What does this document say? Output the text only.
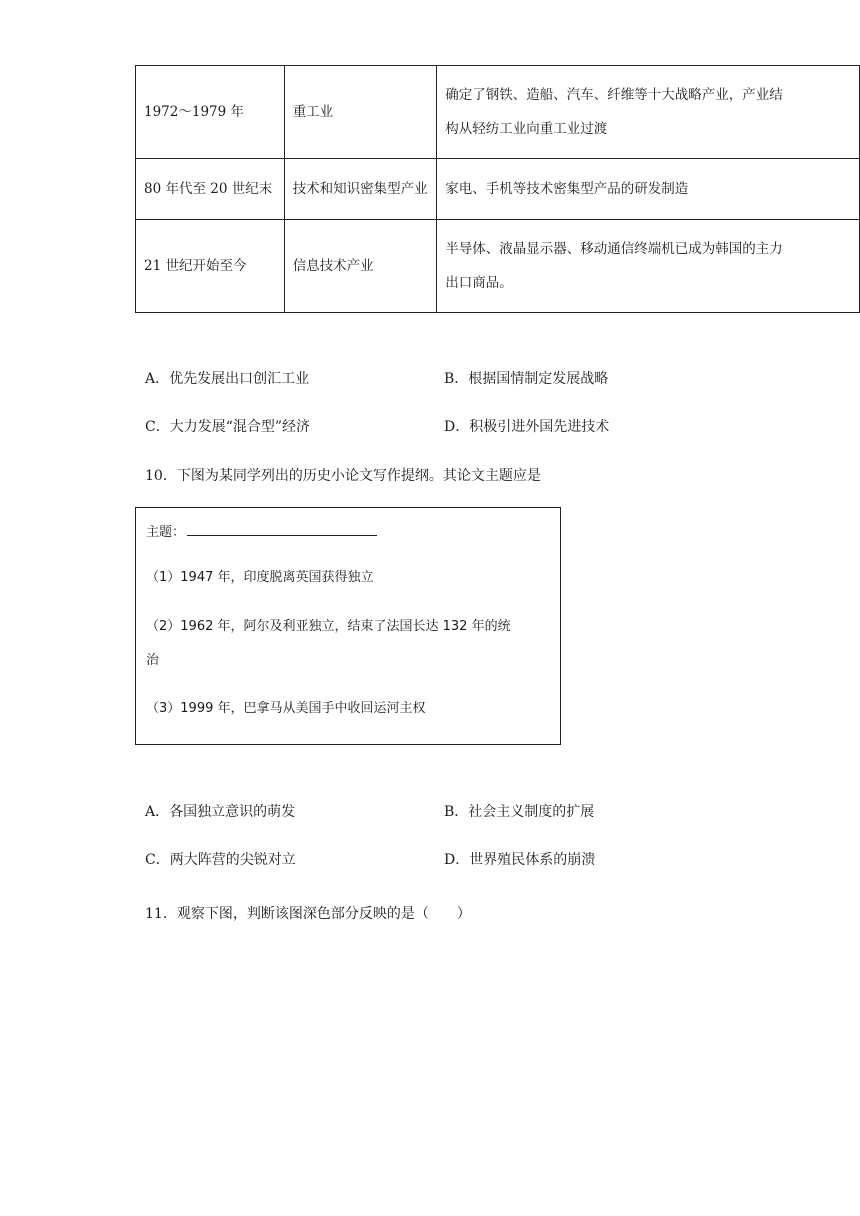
1972～1979 年	重工业	确定了钢铁、造船、汽车、纤维等十大战略产业，产业结
构从轻纺工业向重工业过渡
80 年代至 20 世纪末	技术和知识密集型产业	家电、手机等技术密集型产品的研发制造
21 世纪开始至今	信息技术产业	半导体、液晶显示器、移动通信终端机已成为韩国的主力
出口商品。
A．优先发展出口创汇工业	B．根据国情制定发展战略
C．大力发展“混合型”经济	D．积极引进外国先进技术
10．下图为某同学列出的历史小论文写作提纲。其论文主题应是
主题：
（1）1947 年，印度脱离英国获得独立
（2）1962 年，阿尔及利亚独立，结束了法国长达 132 年的统
治
（3）1999 年，巴拿马从美国手中收回运河主权
A．各国独立意识的萌发	B．社会主义制度的扩展
C．两大阵营的尖锐对立	D．世界殖民体系的崩溃
11．观察下图，判断该图深色部分反映的是（　　）
